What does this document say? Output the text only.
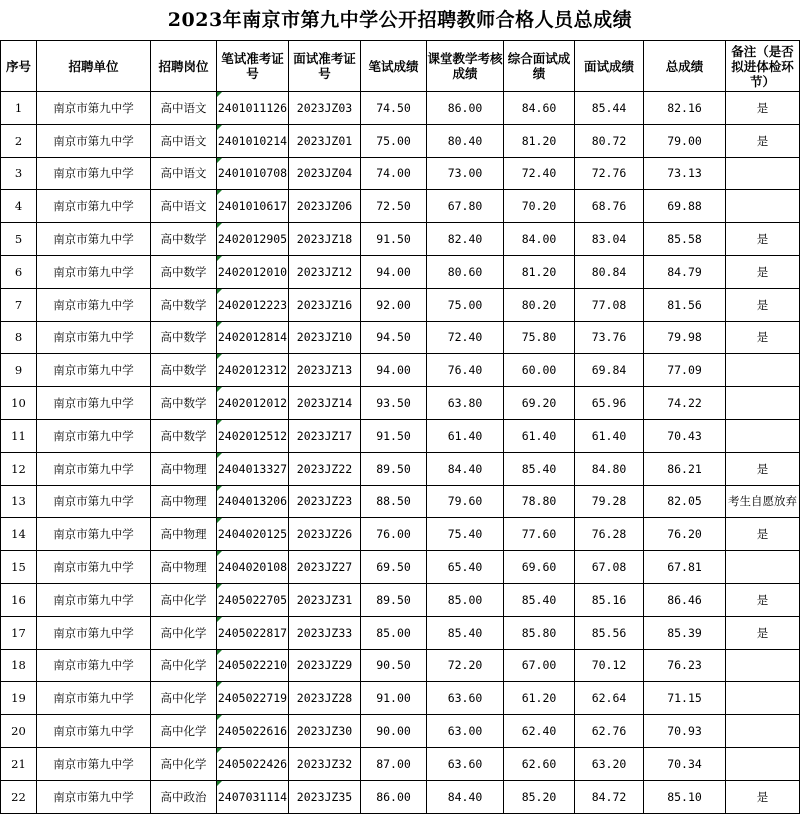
2023年南京市第九中学公开招聘教师合格人员总成绩
序号	招聘单位	招聘岗位	笔试准考证号	面试准考证号	笔试成绩	课堂教学考核成绩	综合面试成绩	面试成绩	总成绩	备注（是否拟进体检环节）
1	南京市第九中学	高中语文	2401011126	2023JZ03	74.50	86.00	84.60	85.44	82.16	是
2	南京市第九中学	高中语文	2401010214	2023JZ01	75.00	80.40	81.20	80.72	79.00	是
3	南京市第九中学	高中语文	2401010708	2023JZ04	74.00	73.00	72.40	72.76	73.13	
4	南京市第九中学	高中语文	2401010617	2023JZ06	72.50	67.80	70.20	68.76	69.88	
5	南京市第九中学	高中数学	2402012905	2023JZ18	91.50	82.40	84.00	83.04	85.58	是
6	南京市第九中学	高中数学	2402012010	2023JZ12	94.00	80.60	81.20	80.84	84.79	是
7	南京市第九中学	高中数学	2402012223	2023JZ16	92.00	75.00	80.20	77.08	81.56	是
8	南京市第九中学	高中数学	2402012814	2023JZ10	94.50	72.40	75.80	73.76	79.98	是
9	南京市第九中学	高中数学	2402012312	2023JZ13	94.00	76.40	60.00	69.84	77.09	
10	南京市第九中学	高中数学	2402012012	2023JZ14	93.50	63.80	69.20	65.96	74.22	
11	南京市第九中学	高中数学	2402012512	2023JZ17	91.50	61.40	61.40	61.40	70.43	
12	南京市第九中学	高中物理	2404013327	2023JZ22	89.50	84.40	85.40	84.80	86.21	是
13	南京市第九中学	高中物理	2404013206	2023JZ23	88.50	79.60	78.80	79.28	82.05	考生自愿放弃
14	南京市第九中学	高中物理	2404020125	2023JZ26	76.00	75.40	77.60	76.28	76.20	是
15	南京市第九中学	高中物理	2404020108	2023JZ27	69.50	65.40	69.60	67.08	67.81	
16	南京市第九中学	高中化学	2405022705	2023JZ31	89.50	85.00	85.40	85.16	86.46	是
17	南京市第九中学	高中化学	2405022817	2023JZ33	85.00	85.40	85.80	85.56	85.39	是
18	南京市第九中学	高中化学	2405022210	2023JZ29	90.50	72.20	67.00	70.12	76.23	
19	南京市第九中学	高中化学	2405022719	2023JZ28	91.00	63.60	61.20	62.64	71.15	
20	南京市第九中学	高中化学	2405022616	2023JZ30	90.00	63.00	62.40	62.76	70.93	
21	南京市第九中学	高中化学	2405022426	2023JZ32	87.00	63.60	62.60	63.20	70.34	
22	南京市第九中学	高中政治	2407031114	2023JZ35	86.00	84.40	85.20	84.72	85.10	是
